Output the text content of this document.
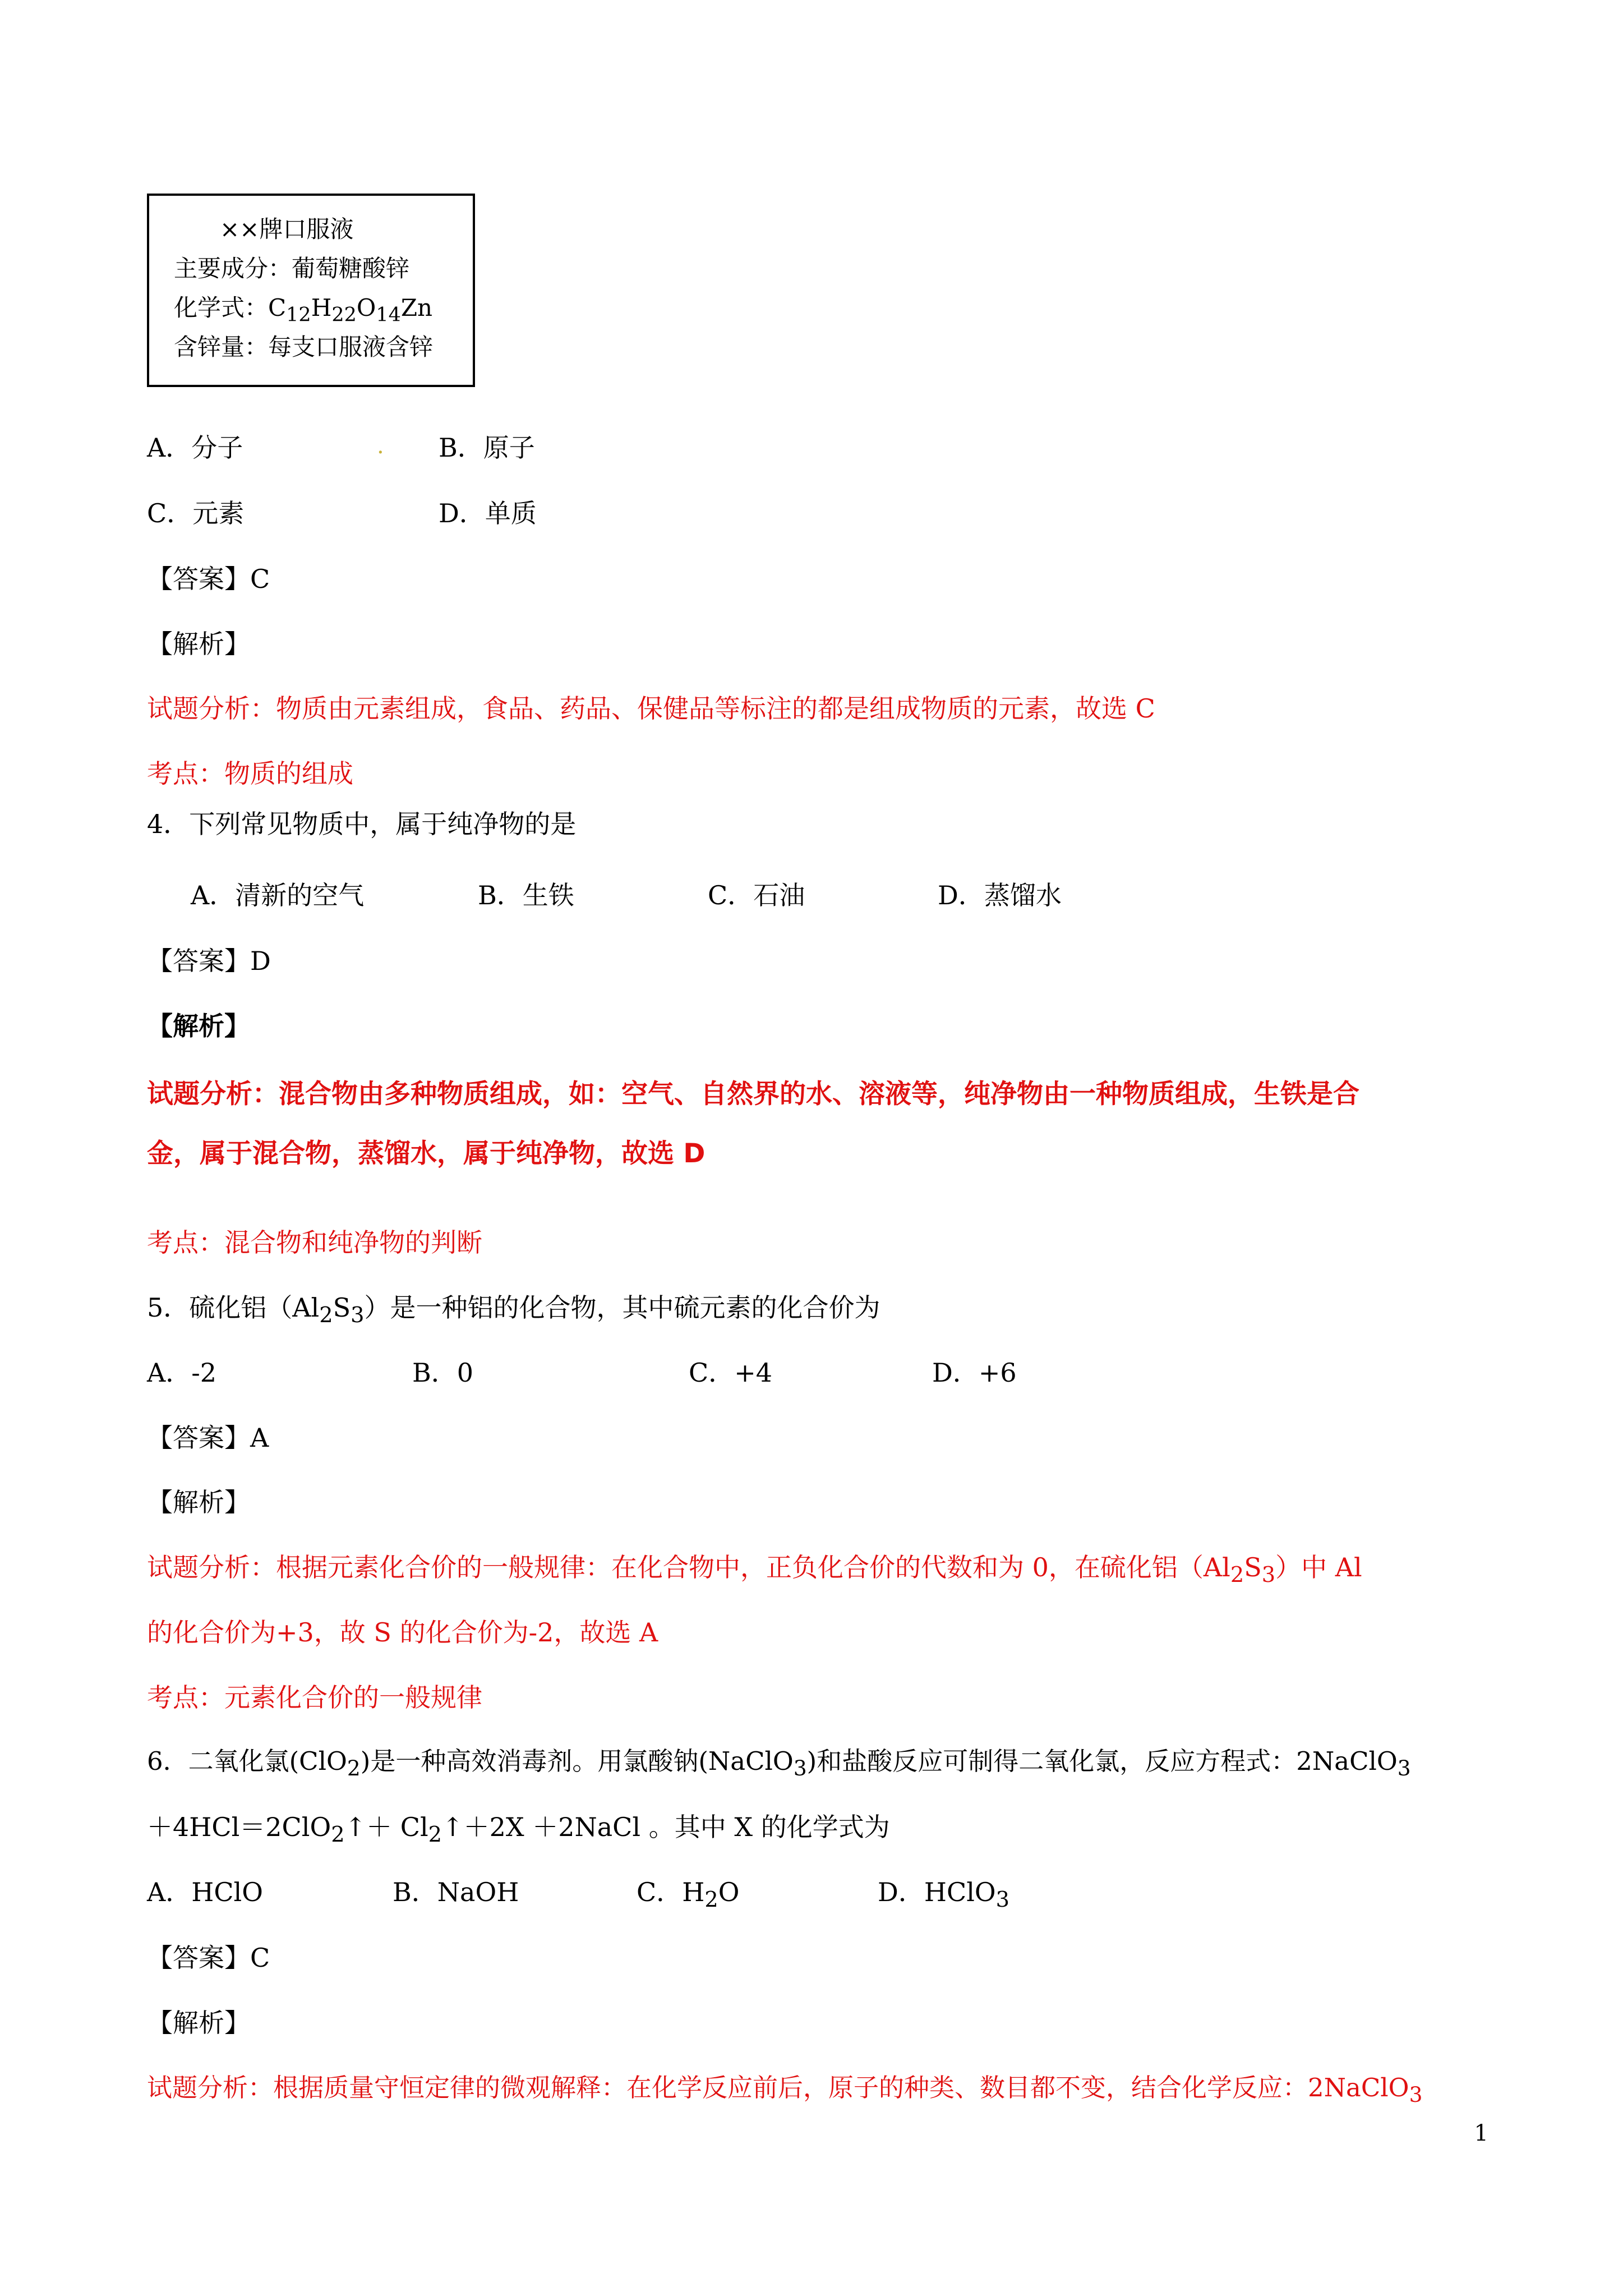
××牌口服液
主要成分：葡萄糖酸锌
化学式：$C_{12}H_{22}O_{14}Zn$
含锌量：每支口服液含锌
A．分子	. B．原子
C．元素	D．单质
【答案】C
【解析】
试题分析：物质由元素组成，食品、药品、保健品等标注的都是组成物质的元素，故选 C
考点：物质的组成
4．下列常见物质中，属于纯净物的是
A．清新的空气	B．生铁	C．石油	D．蒸馏水
【答案】D
【解析】
试题分析：混合物由多种物质组成，如：空气、自然界的水、溶液等，纯净物由一种物质组成，生铁是合
金，属于混合物，蒸馏水，属于纯净物，故选 D
考点：混合物和纯净物的判断
5．硫化铝$(Al_2S_3)$是一种铝的化合物，其中硫元素的化合价为
A．-2	B．0	C．+4	D．+6
【答案】A
【解析】
试题分析：根据元素化合价的一般规律：在化合物中，正负化合价的代数和为 0，在硫化铝$(Al_2S_3)$中 Al
的化合价为+3，故 S 的化合价为-2，故选 A
考点：元素化合价的一般规律
6．二氧化氯(ClO$_2$)是一种高效消毒剂。用氯酸钠(NaClO$_3$)和盐酸反应可制得二氧化氯，反应方程式：2NaClO$_3$
＋4HCl＝2ClO$_2$↑＋ $Cl_2↑+2X$ ＋2NaCl 。其中 X 的化学式为
A．HClO	B．NaOH	C．$H_2O$	D．HClO$_3$
【答案】C
【解析】
试题分析：根据质量守恒定律的微观解释：在化学反应前后，原子的种类、数目都不变，结合化学反应：2NaClO$_3$
1
